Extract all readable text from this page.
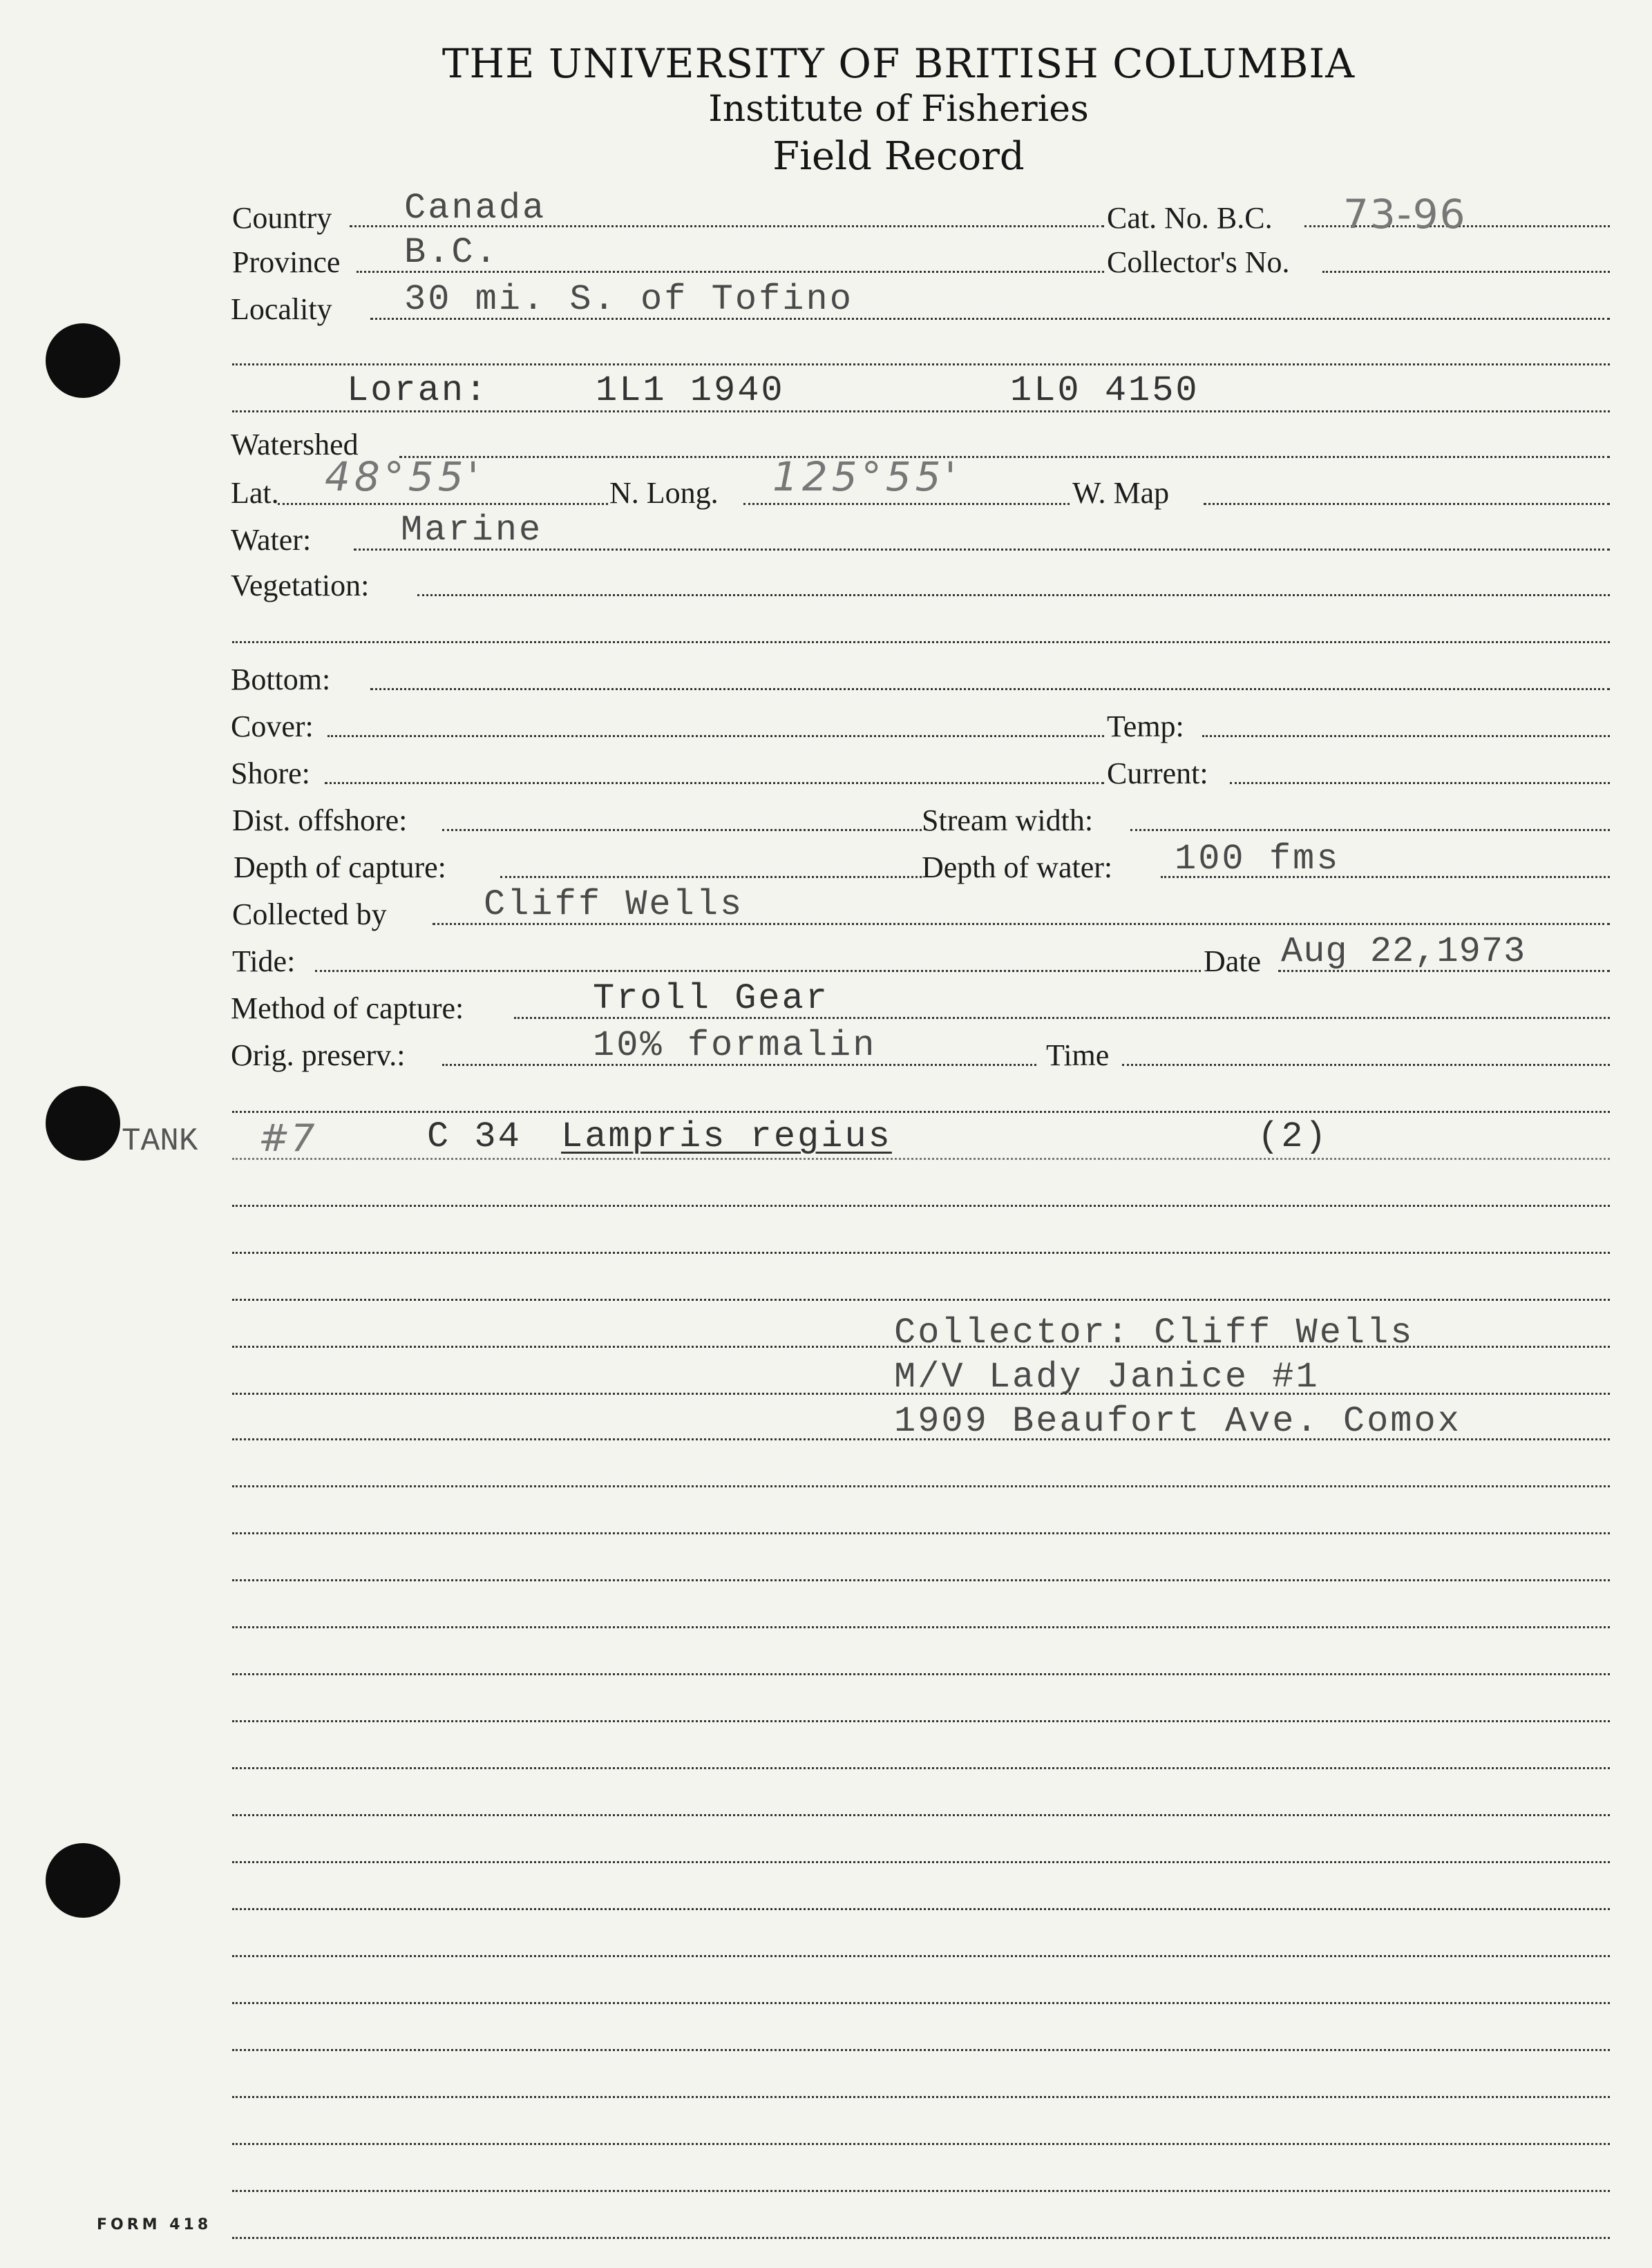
THE UNIVERSITY OF BRITISH COLUMBIA
Institute of Fisheries
Field Record
Country Canada	Cat. No. B.C. 73-96
Province B.C.	Collector's No.
Locality 30 mi. S. of Tofino
Loran:	1L1 1940	1L0 4150
Watershed
Lat. 48°55'	N. Long. 125°55'	W. Map
Water: Marine
Vegetation:
Bottom:
Cover:	Temp:
Shore:	Current:
Dist. offshore:	Stream width:
Depth of capture:	Depth of water: 100 fms
Collected by	Cliff Wells
Tide:	Date Aug 22,1973
Method of capture:	Troll Gear
Orig. preserv.:	10% formalin	Time
TANK #7	C 34 Lampris regius	(2)
Collector: Cliff Wells
M/V Lady Janice #1
1909 Beaufort Ave. Comox
FORM 418
